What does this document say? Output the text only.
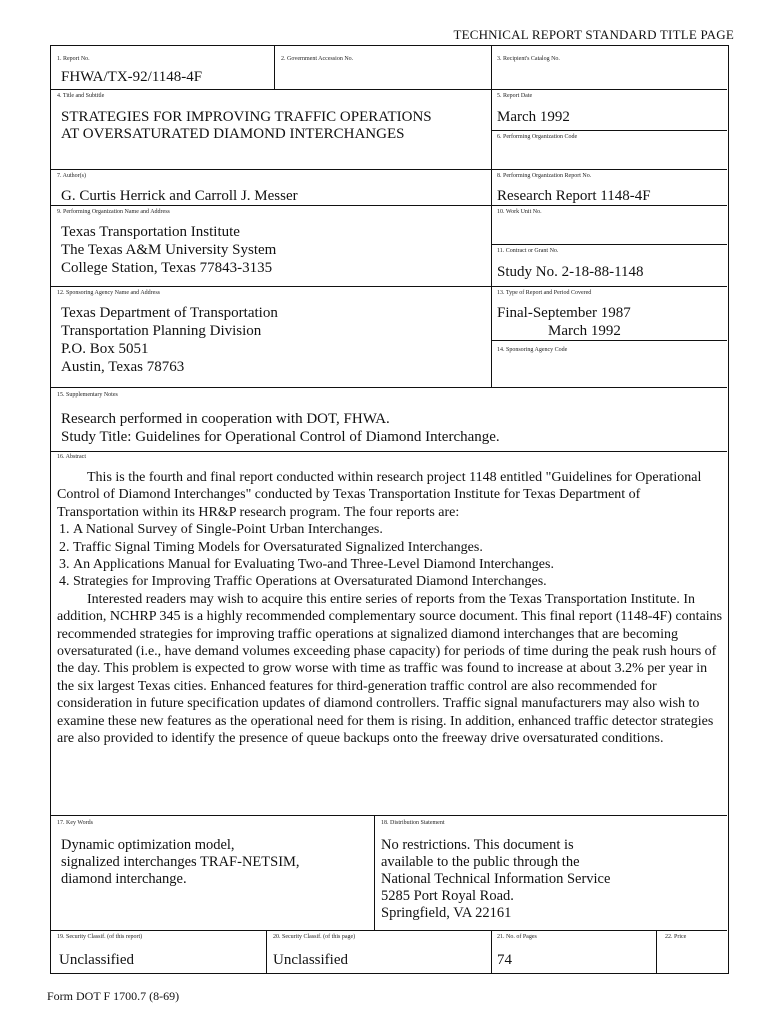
TECHNICAL REPORT STANDARD TITLE PAGE
1. Report No.
FHWA/TX-92/1148-4F
2. Government Accession No.	3. Recipient's Catalog No.
4. Title and Subtitle
STRATEGIES FOR IMPROVING TRAFFIC OPERATIONS
AT OVERSATURATED DIAMOND INTERCHANGES
5. Report Date
March 1992
6. Performing Organization Code
7. Author(s)
G. Curtis Herrick and Carroll J. Messer
8. Performing Organization Report No.
Research Report 1148-4F
9. Performing Organization Name and Address
Texas Transportation Institute
The Texas A&M University System
College Station, Texas 77843-3135
10. Work Unit No.
11. Contract or Grant No.
Study No. 2-18-88-1148
12. Sponsoring Agency Name and Address
Texas Department of Transportation
Transportation Planning Division
P.O. Box 5051
Austin, Texas 78763
13. Type of Report and Period Covered
Final-September 1987
March 1992
14. Sponsoring Agency Code
15. Supplementary Notes
Research performed in cooperation with DOT, FHWA.
Study Title: Guidelines for Operational Control of Diamond Interchange.
16. Abstract

This is the fourth and final report conducted within research project 1148 entitled "Guidelines for Operational Control of Diamond Interchanges" conducted by Texas Transportation Institute for Texas Department of Transportation within its HR&P research program. The four reports are:

1. A National Survey of Single-Point Urban Interchanges.
2. Traffic Signal Timing Models for Oversaturated Signalized Interchanges.
3. An Applications Manual for Evaluating Two-and Three-Level Diamond Interchanges.
4. Strategies for Improving Traffic Operations at Oversaturated Diamond Interchanges.

Interested readers may wish to acquire this entire series of reports from the Texas Transportation Institute. In addition, NCHRP 345 is a highly recommended complementary source document. This final report (1148-4F) contains recommended strategies for improving traffic operations at signalized diamond interchanges that are becoming oversaturated (i.e., have demand volumes exceeding phase capacity) for periods of time during the peak rush hours of the day. This problem is expected to grow worse with time as traffic was found to increase at about 3.2% per year in the six largest Texas cities. Enhanced features for third-generation traffic control are also recommended for consideration in future specification updates of diamond controllers. Traffic signal manufacturers may also wish to examine these new features as the operational need for them is rising. In addition, enhanced traffic detector strategies are also provided to identify the presence of queue backups onto the freeway drive oversaturated conditions.

17. Key Words
Dynamic optimization model,
signalized interchanges TRAF-NETSIM,
diamond interchange.
18. Distribution Statement
No restrictions. This document is
available to the public through the
National Technical Information Service
5285 Port Royal Road.
Springfield, VA 22161
19. Security Classif. (of this report)
Unclassified
20. Security Classif. (of this page)
Unclassified
21. No. of Pages
74
22. Price
Form DOT F 1700.7 (8-69)
